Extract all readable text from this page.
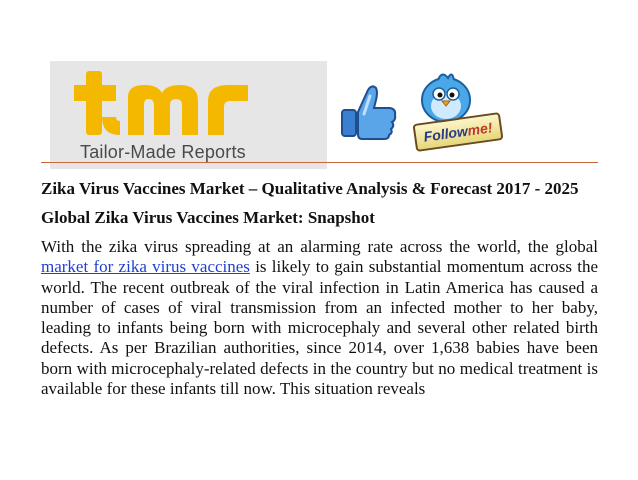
Tailor-Made Reports
Followme!
Zika Virus Vaccines Market – Qualitative Analysis & Forecast 2017 - 2025
Global Zika Virus Vaccines Market: Snapshot

With the zika virus spreading at an alarming rate across the world, the global market for zika virus vaccines is likely to gain substantial momentum across the world. The recent outbreak of the viral infection in Latin America has caused a number of cases of viral transmission from an infected mother to her baby, leading to infants being born with microcephaly and several other related birth defects. As per Brazilian authorities, since 2014, over 1,638 babies have been born with microcephaly-related defects in the country but no medical treatment is available for these infants till now. This situation reveals
